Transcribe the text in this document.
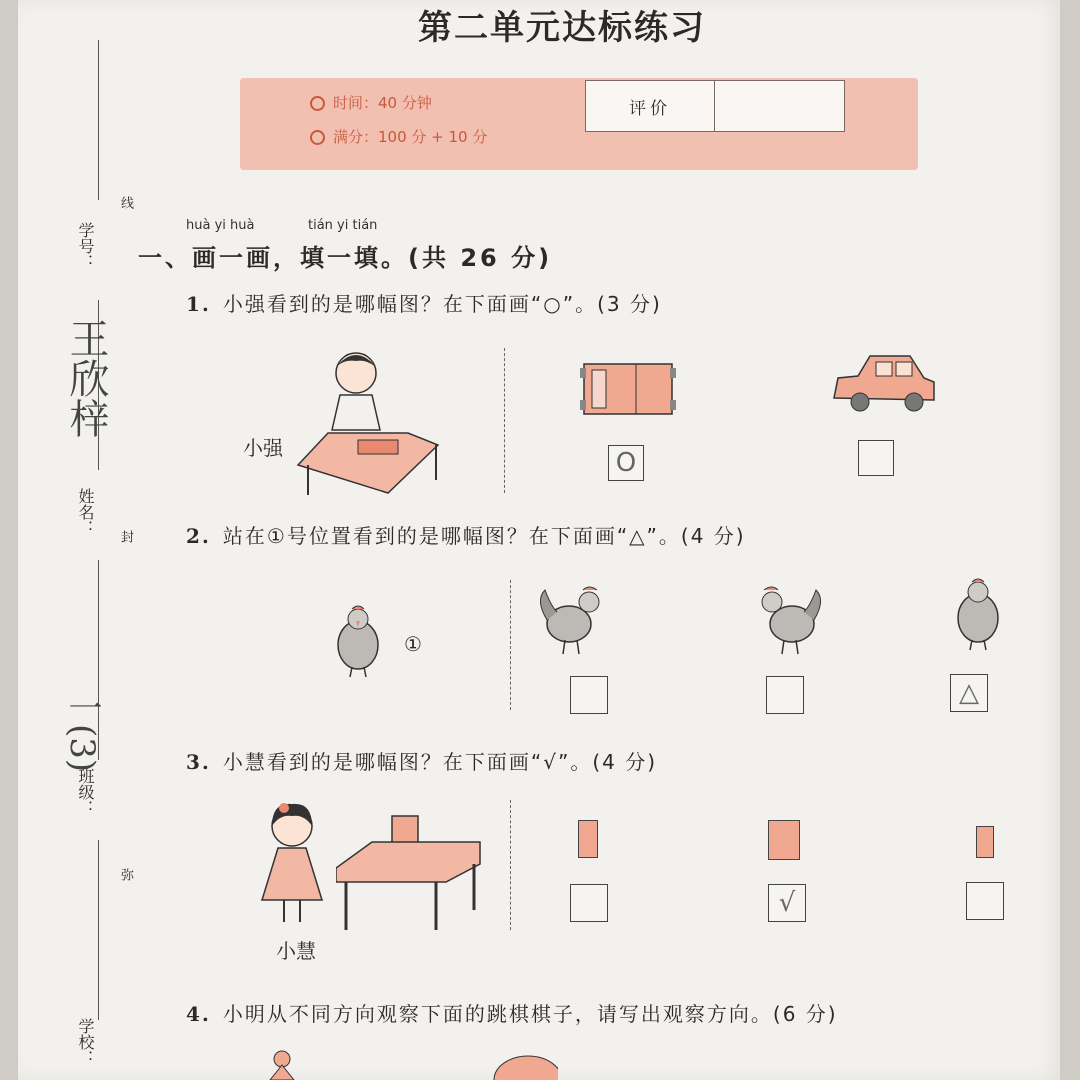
第二单元达标练习
时间：40 分钟
满分：100 分 + 10 分
评价
学号：
王欣梓
姓名：
一(3)
班级：
学校：
线
封
弥
huà yi huà	tián yi tián
一、画一画，填一填。(共 26 分)
1. 小强看到的是哪幅图？在下面画“○”。(3 分)
小强	O
2. 站在①号位置看到的是哪幅图？在下面画“△”。(4 分)
①
△
3. 小慧看到的是哪幅图？在下面画“√”。(4 分)
小慧
√
4. 小明从不同方向观察下面的跳棋棋子，请写出观察方向。(6 分)
